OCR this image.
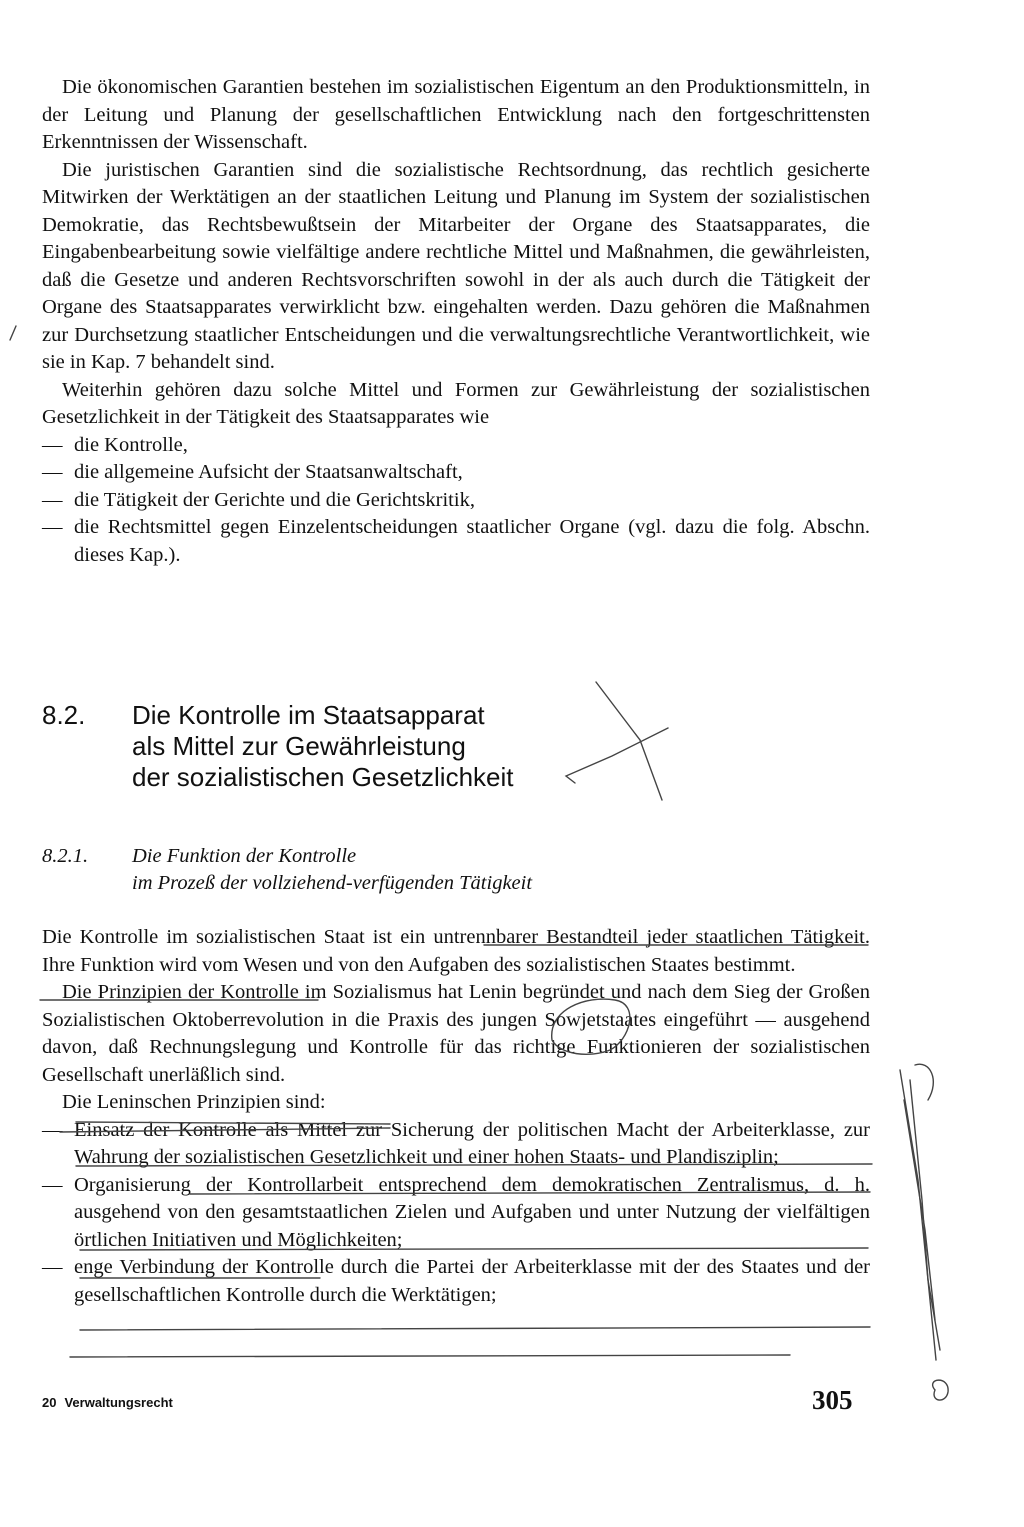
Die ökonomischen Garantien bestehen im sozialistischen Eigentum an den Produktionsmitteln, in der Leitung und Planung der gesellschaftlichen Entwicklung nach den fortgeschrittensten Erkenntnissen der Wissenschaft.

Die juristischen Garantien sind die sozialistische Rechtsordnung, das rechtlich gesicherte Mitwirken der Werktätigen an der staatlichen Leitung und Planung im System der sozialistischen Demokratie, das Rechtsbewußtsein der Mitarbeiter der Organe des Staatsapparates, die Eingabenbearbeitung sowie vielfältige andere rechtliche Mittel und Maßnahmen, die gewährleisten, daß die Gesetze und anderen Rechtsvorschriften sowohl in der als auch durch die Tätigkeit der Organe des Staatsapparates verwirklicht bzw. eingehalten werden. Dazu gehören die Maßnahmen zur Durchsetzung staatlicher Entscheidungen und die verwaltungsrechtliche Verantwortlichkeit, wie sie in Kap. 7 behandelt sind.

Weiterhin gehören dazu solche Mittel und Formen zur Gewährleistung der sozialistischen Gesetzlichkeit in der Tätigkeit des Staatsapparates wie

— die Kontrolle,
— die allgemeine Aufsicht der Staatsanwaltschaft,
— die Tätigkeit der Gerichte und die Gerichtskritik,
— die Rechtsmittel gegen Einzelentscheidungen staatlicher Organe (vgl. dazu die folg. Abschn. dieses Kap.).
8.2. Die Kontrolle im Staatsapparat
als Mittel zur Gewährleistung
der sozialistischen Gesetzlichkeit
8.2.1. Die Funktion der Kontrolle
im Prozeß der vollziehend-verfügenden Tätigkeit

Die Kontrolle im sozialistischen Staat ist ein untrennbarer Bestandteil jeder staatlichen Tätigkeit. Ihre Funktion wird vom Wesen und von den Aufgaben des sozialistischen Staates bestimmt.

Die Prinzipien der Kontrolle im Sozialismus hat Lenin begründet und nach dem Sieg der Großen Sozialistischen Oktoberrevolution in die Praxis des jungen Sowjetstaates eingeführt — ausgehend davon, daß Rechnungslegung und Kontrolle für das richtige Funktionieren der sozialistischen Gesellschaft unerläßlich sind.

Die Leninschen Prinzipien sind:

— Einsatz der Kontrolle als Mittel zur Sicherung der politischen Macht der Arbeiterklasse, zur Wahrung der sozialistischen Gesetzlichkeit und einer hohen Staats- und Plandisziplin;
— Organisierung der Kontrollarbeit entsprechend dem demokratischen Zentralismus, d. h. ausgehend von den gesamtstaatlichen Zielen und Aufgaben und unter Nutzung der vielfältigen örtlichen Initiativen und Möglichkeiten;
— enge Verbindung der Kontrolle durch die Partei der Arbeiterklasse mit der des Staates und der gesellschaftlichen Kontrolle durch die Werktätigen;
20 Verwaltungsrecht	305
